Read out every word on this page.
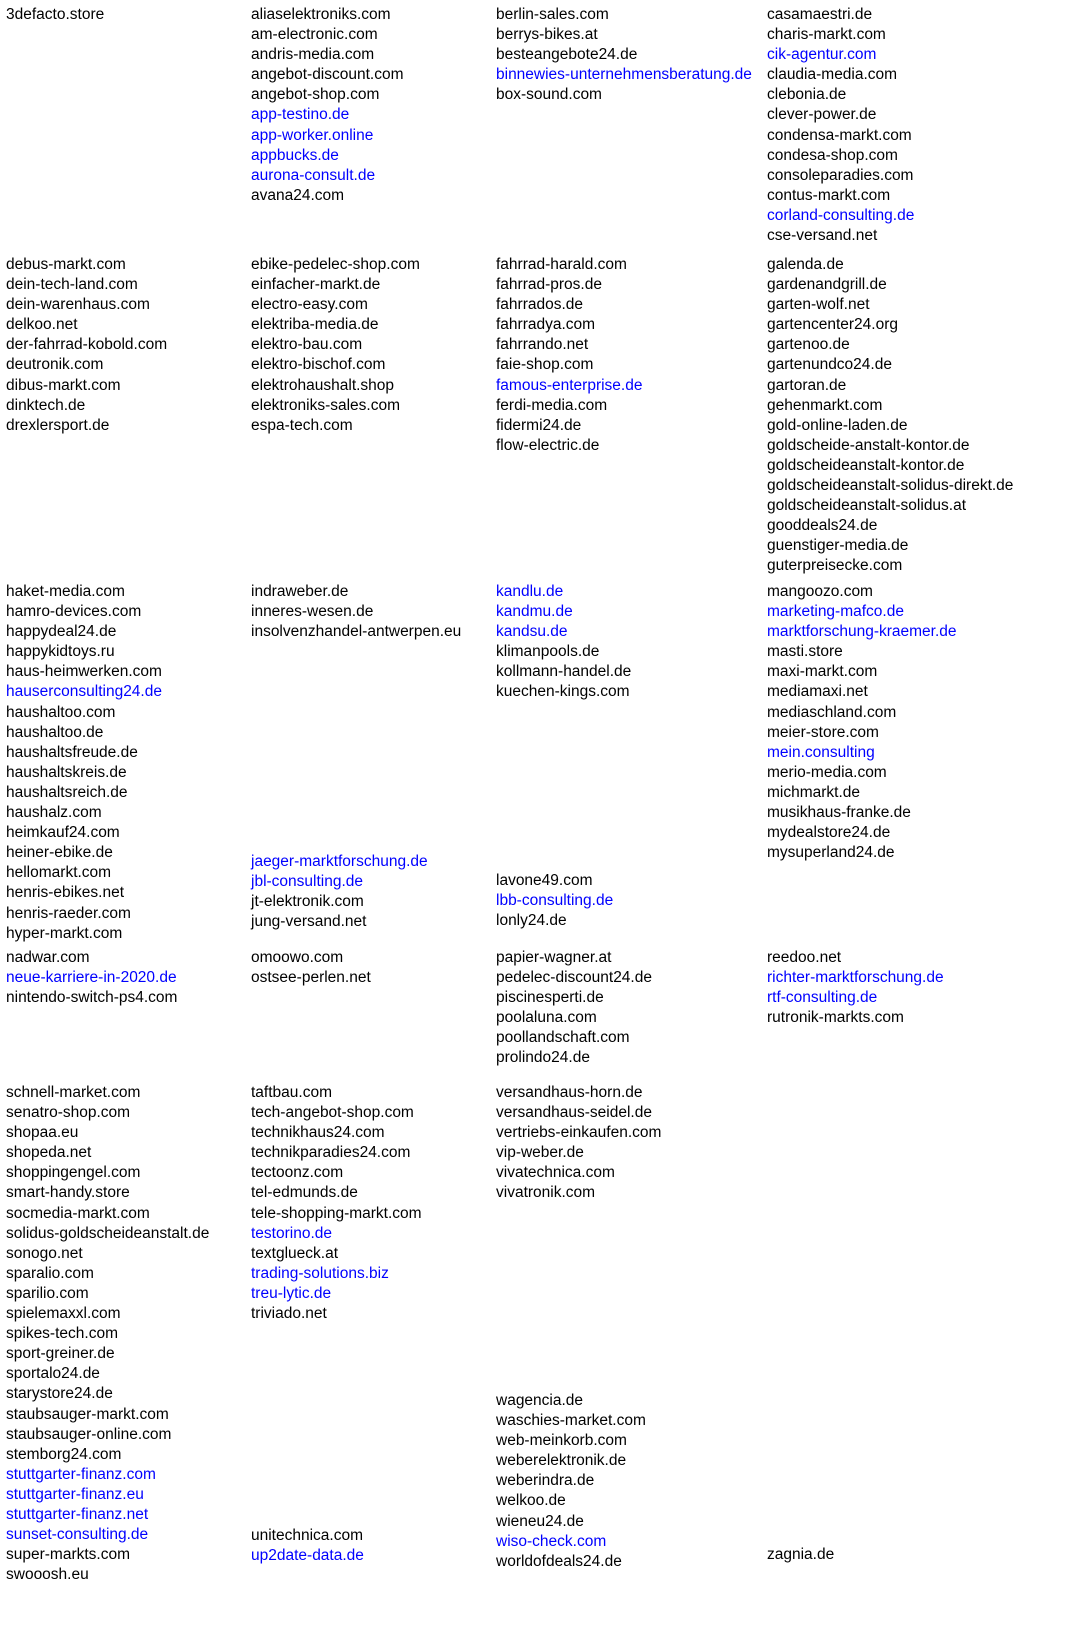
3defacto.store	aliaselektroniks.com
am-electronic.com
andris-media.com
angebot-discount.com
angebot-shop.com
app-testino.de
app-worker.online
appbucks.de
aurona-consult.de
avana24.com
berlin-sales.com
berrys-bikes.at
besteangebote24.de
binnewies-unternehmensberatung.de
box-sound.com
casamaestri.de
charis-markt.com
cik-agentur.com
claudia-media.com
clebonia.de
clever-power.de
condensa-markt.com
condesa-shop.com
consoleparadies.com
contus-markt.com
corland-consulting.de
cse-versand.net
debus-markt.com
dein-tech-land.com
dein-warenhaus.com
delkoo.net
der-fahrrad-kobold.com
deutronik.com
dibus-markt.com
dinktech.de
drexlersport.de
ebike-pedelec-shop.com
einfacher-markt.de
electro-easy.com
elektriba-media.de
elektro-bau.com
elektro-bischof.com
elektrohaushalt.shop
elektroniks-sales.com
espa-tech.com
fahrrad-harald.com
fahrrad-pros.de
fahrrados.de
fahrradya.com
fahrrando.net
faie-shop.com
famous-enterprise.de
ferdi-media.com
fidermi24.de
flow-electric.de
galenda.de
gardenandgrill.de
garten-wolf.net
gartencenter24.org
gartenoo.de
gartenundco24.de
gartoran.de
gehenmarkt.com
gold-online-laden.de
goldscheide-anstalt-kontor.de
goldscheideanstalt-kontor.de
goldscheideanstalt-solidus-direkt.de
goldscheideanstalt-solidus.at
gooddeals24.de
guenstiger-media.de
guterpreisecke.com
haket-media.com
hamro-devices.com
happydeal24.de
happykidtoys.ru
haus-heimwerken.com
hauserconsulting24.de
haushaltoo.com
haushaltoo.de
haushaltsfreude.de
haushaltskreis.de
haushaltsreich.de
haushalz.com
heimkauf24.com
heiner-ebike.de
hellomarkt.com
henris-ebikes.net
henris-raeder.com
hyper-markt.com
indraweber.de
inneres-wesen.de
insolvenzhandel-antwerpen.eu
kandlu.de
kandmu.de
kandsu.de
klimanpools.de
kollmann-handel.de
kuechen-kings.com
mangoozo.com
marketing-mafco.de
marktforschung-kraemer.de
masti.store
maxi-markt.com
mediamaxi.net
mediaschland.com
meier-store.com
mein.consulting
merio-media.com
michmarkt.de
musikhaus-franke.de
mydealstore24.de
mysuperland24.de
jaeger-marktforschung.de
jbl-consulting.de
jt-elektronik.com
jung-versand.net
lavone49.com
lbb-consulting.de
lonly24.de
nadwar.com
neue-karriere-in-2020.de
nintendo-switch-ps4.com
omoowo.com
ostsee-perlen.net
papier-wagner.at
pedelec-discount24.de
piscinesperti.de
poolaluna.com
poollandschaft.com
prolindo24.de
reedoo.net
richter-marktforschung.de
rtf-consulting.de
rutronik-markts.com
schnell-market.com
senatro-shop.com
shopaa.eu
shopeda.net
shoppingengel.com
smart-handy.store
socmedia-markt.com
solidus-goldscheideanstalt.de
sonogo.net
sparalio.com
sparilio.com
spielemaxxl.com
spikes-tech.com
sport-greiner.de
sportalo24.de
starystore24.de
staubsauger-markt.com
staubsauger-online.com
stemborg24.com
stuttgarter-finanz.com
stuttgarter-finanz.eu
stuttgarter-finanz.net
sunset-consulting.de
super-markts.com
swooosh.eu
taftbau.com
tech-angebot-shop.com
technikhaus24.com
technikparadies24.com
tectoonz.com
tel-edmunds.de
tele-shopping-markt.com
testorino.de
textglueck.at
trading-solutions.biz
treu-lytic.de
triviado.net
versandhaus-horn.de
versandhaus-seidel.de
vertriebs-einkaufen.com
vip-weber.de
vivatechnica.com
vivatronik.com
wagencia.de
waschies-market.com
web-meinkorb.com
weberelektronik.de
weberindra.de
welkoo.de
wieneu24.de
wiso-check.com
worldofdeals24.de
unitechnica.com
up2date-data.de	zagnia.de
